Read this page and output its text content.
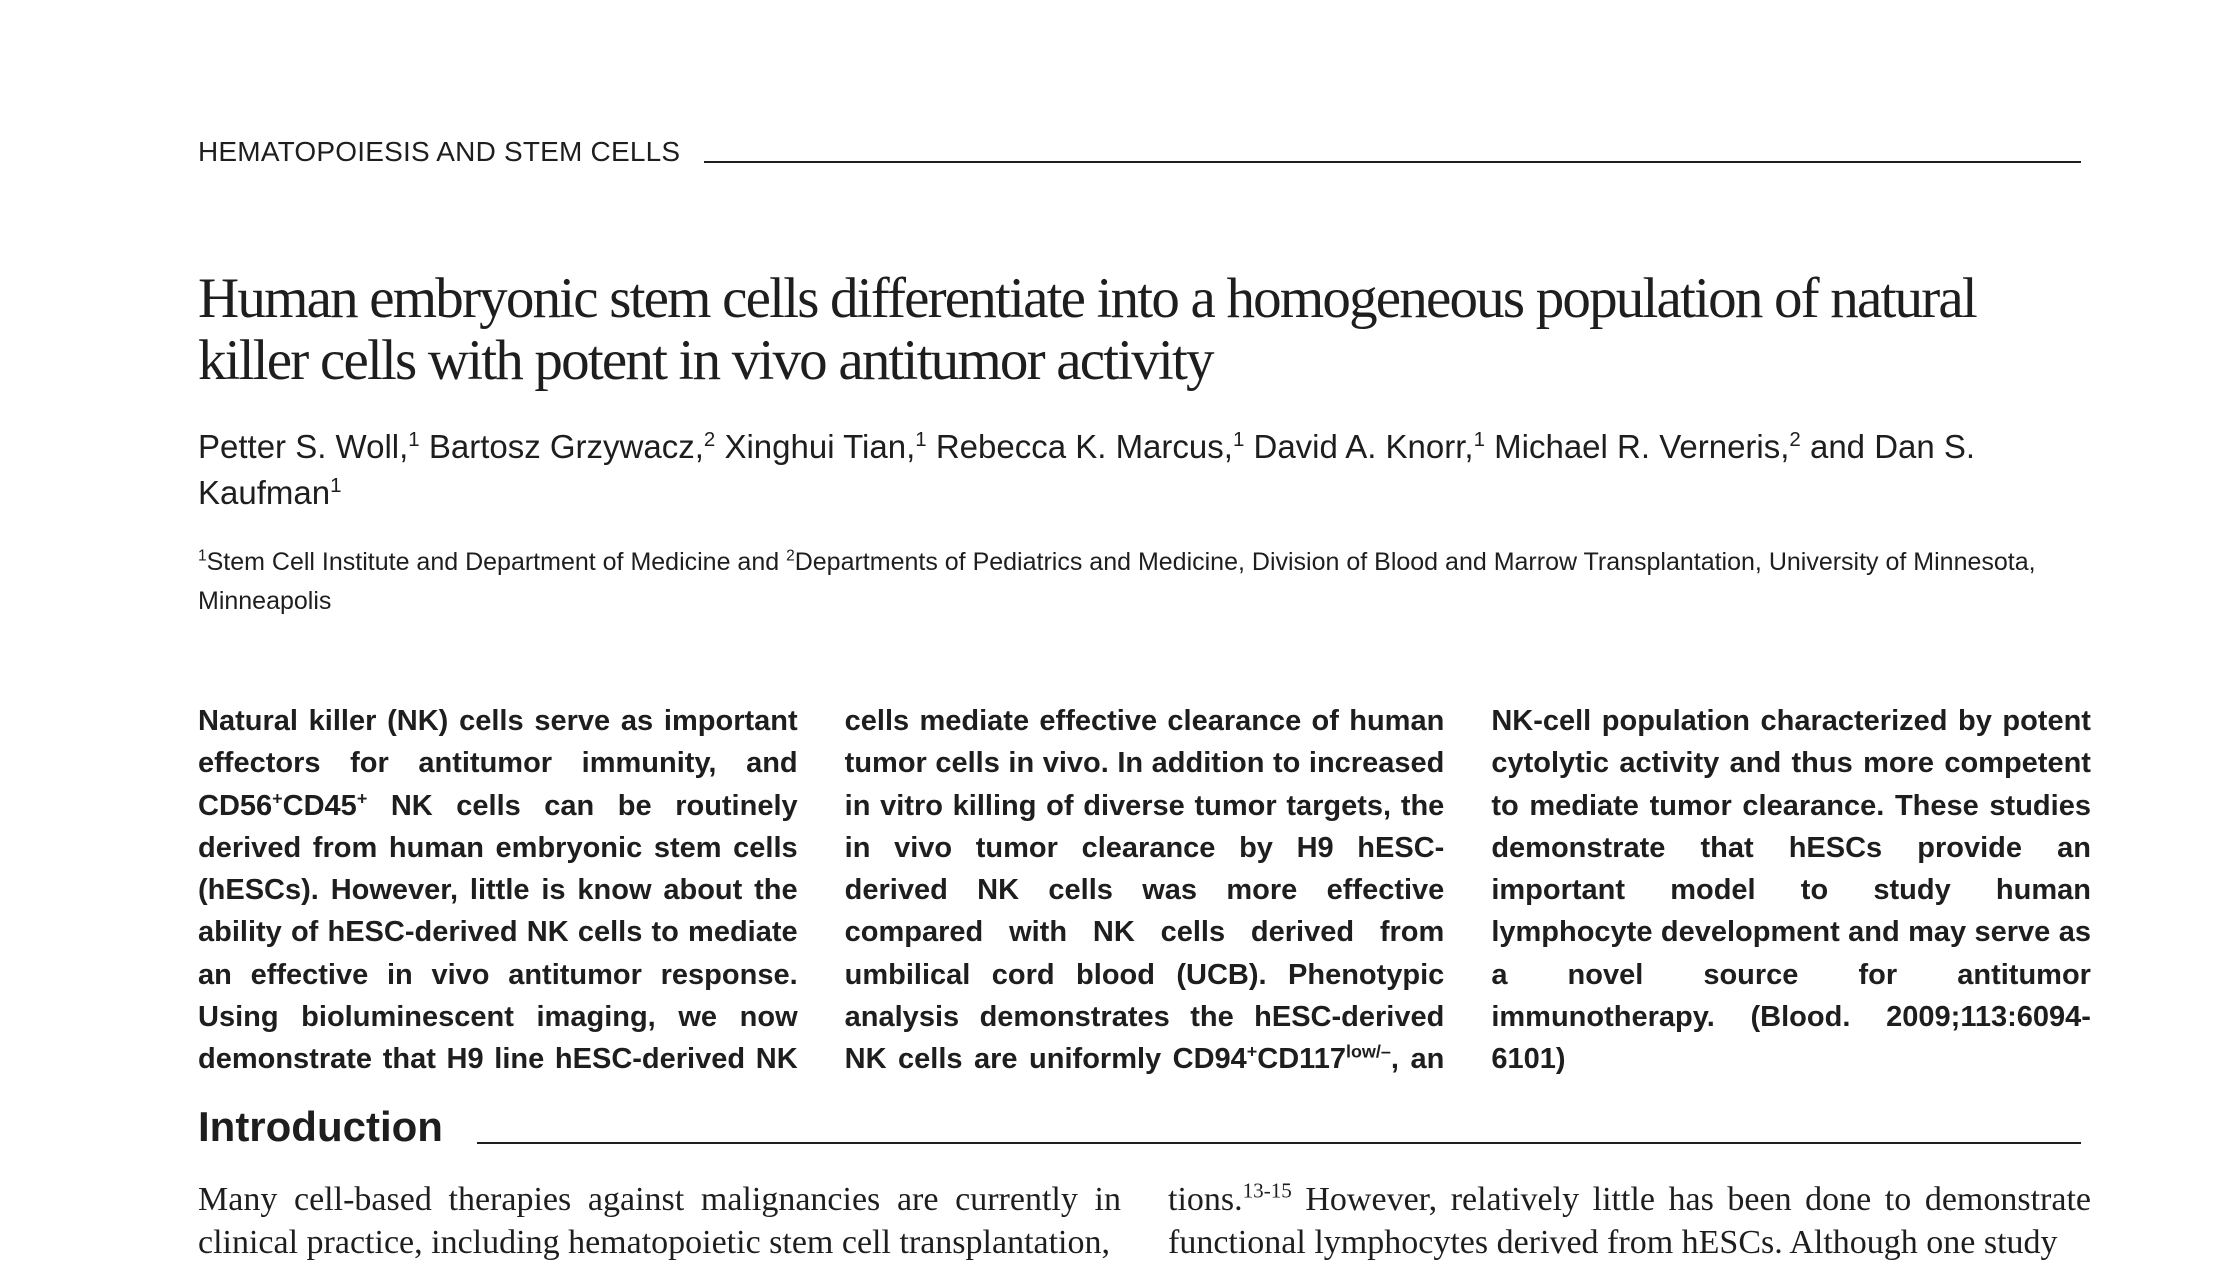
HEMATOPOIESIS AND STEM CELLS
Human embryonic stem cells differentiate into a homogeneous population of natural killer cells with potent in vivo antitumor activity
Petter S. Woll,$^1$ Bartosz Grzywacz,$^2$ Xinghui Tian,$^1$ Rebecca K. Marcus,$^1$ David A. Knorr,$^1$ Michael R. Verneris,$^2$ and Dan S. Kaufman$^1$
$^1$Stem Cell Institute and Department of Medicine and $^2$Departments of Pediatrics and Medicine, Division of Blood and Marrow Transplantation, University of Minnesota, Minneapolis
Natural killer (NK) cells serve as important effectors for antitumor immunity, and CD56+CD45+ NK cells can be routinely derived from human embryonic stem cells (hESCs). However, little is know about the ability of hESC-derived NK cells to mediate an effective in vivo antitumor response. Using bioluminescent imaging, we now demonstrate that H9 line hESC-derived NK cells mediate effective clearance of human tumor cells in vivo. In addition to increased in vitro killing of diverse tumor targets, the in vivo tumor clearance by H9 hESC-derived NK cells was more effective compared with NK cells derived from umbilical cord blood (UCB). Phenotypic analysis demonstrates the hESC-derived NK cells are uniformly $CD94^+CD117^{low/-}$, an NK-cell population characterized by potent cytolytic activity and thus more competent to mediate tumor clearance. These studies demonstrate that hESCs provide an important model to study human lymphocyte development and may serve as a novel source for antitumor immunotherapy. (Blood. 2009;113:6094-6101)
Introduction

Many cell-based therapies against malignancies are currently in clinical practice, including hematopoietic stem cell transplantation,

tions.$^{13-15}$ However, relatively little has been done to demonstrate functional lymphocytes derived from hESCs. Although one study
